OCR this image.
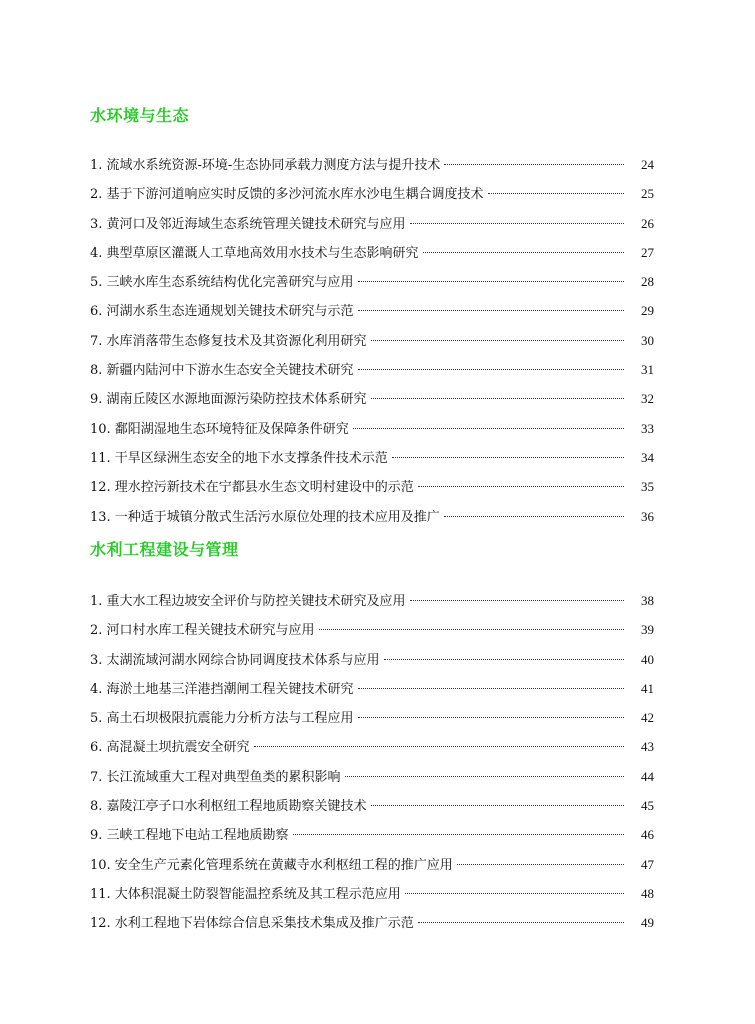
水环境与生态
1. 流域水系统资源-环境-生态协同承载力测度方法与提升技术	24
2. 基于下游河道响应实时反馈的多沙河流水库水沙电生耦合调度技术	25
3. 黄河口及邻近海域生态系统管理关键技术研究与应用	26
4. 典型草原区灌溉人工草地高效用水技术与生态影响研究	27
5. 三峡水库生态系统结构优化完善研究与应用	28
6. 河湖水系生态连通规划关键技术研究与示范	29
7. 水库消落带生态修复技术及其资源化利用研究	30
8. 新疆内陆河中下游水生态安全关键技术研究	31
9. 湖南丘陵区水源地面源污染防控技术体系研究	32
10. 鄱阳湖湿地生态环境特征及保障条件研究	33
11. 干旱区绿洲生态安全的地下水支撑条件技术示范	34
12. 理水控污新技术在宁都县水生态文明村建设中的示范	35
13. 一种适于城镇分散式生活污水原位处理的技术应用及推广	36
水利工程建设与管理
1. 重大水工程边坡安全评价与防控关键技术研究及应用	38
2. 河口村水库工程关键技术研究与应用	39
3. 太湖流域河湖水网综合协同调度技术体系与应用	40
4. 海淤土地基三洋港挡潮闸工程关键技术研究	41
5. 高土石坝极限抗震能力分析方法与工程应用	42
6. 高混凝土坝抗震安全研究	43
7. 长江流域重大工程对典型鱼类的累积影响	44
8. 嘉陵江亭子口水利枢纽工程地质勘察关键技术	45
9. 三峡工程地下电站工程地质勘察	46
10. 安全生产元素化管理系统在黄藏寺水利枢纽工程的推广应用	47
11. 大体积混凝土防裂智能温控系统及其工程示范应用	48
12. 水利工程地下岩体综合信息采集技术集成及推广示范	49
